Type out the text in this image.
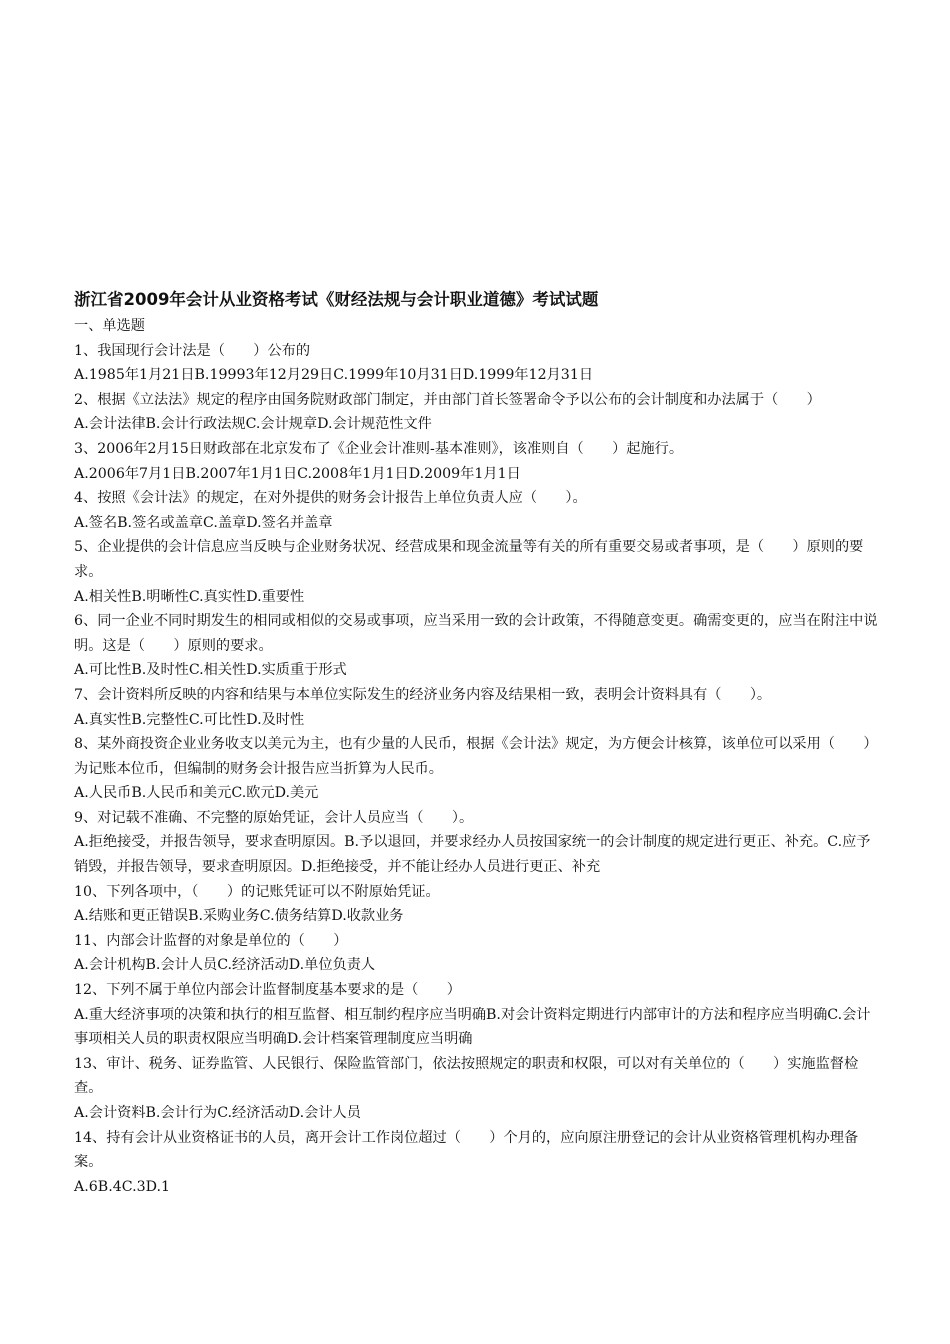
浙江省2009年会计从业资格考试《财经法规与会计职业道德》考试试题

一、单选题

1、我国现行会计法是（　　）公布的

A.1985年1月21日B.19993年12月29日C.1999年10月31日D.1999年12月31日

2、根据《立法法》规定的程序由国务院财政部门制定，并由部门首长签署命令予以公布的会计制度和办法属于（　　）

A.会计法律B.会计行政法规C.会计规章D.会计规范性文件

3、2006年2月15日财政部在北京发布了《企业会计准则-基本准则》，该准则自（　　）起施行。

A.2006年7月1日B.2007年1月1日C.2008年1月1日D.2009年1月1日

4、按照《会计法》的规定，在对外提供的财务会计报告上单位负责人应（　　）。

A.签名B.签名或盖章C.盖章D.签名并盖章

5、企业提供的会计信息应当反映与企业财务状况、经营成果和现金流量等有关的所有重要交易或者事项，是（　　）原则的要求。

A.相关性B.明晰性C.真实性D.重要性

6、同一企业不同时期发生的相同或相似的交易或事项，应当采用一致的会计政策，不得随意变更。确需变更的，应当在附注中说明。这是（　　）原则的要求。

A.可比性B.及时性C.相关性D.实质重于形式

7、会计资料所反映的内容和结果与本单位实际发生的经济业务内容及结果相一致，表明会计资料具有（　　）。

A.真实性B.完整性C.可比性D.及时性

8、某外商投资企业业务收支以美元为主，也有少量的人民币，根据《会计法》规定，为方便会计核算，该单位可以采用（　　）为记账本位币，但编制的财务会计报告应当折算为人民币。

A.人民币B.人民币和美元C.欧元D.美元

9、对记载不准确、不完整的原始凭证，会计人员应当（　　）。

A.拒绝接受，并报告领导，要求查明原因。B.予以退回，并要求经办人员按国家统一的会计制度的规定进行更正、补充。C.应予销毁，并报告领导，要求查明原因。D.拒绝接受，并不能让经办人员进行更正、补充

10、下列各项中，（　　）的记账凭证可以不附原始凭证。

A.结账和更正错误B.采购业务C.债务结算D.收款业务

11、内部会计监督的对象是单位的（　　）

A.会计机构B.会计人员C.经济活动D.单位负责人

12、下列不属于单位内部会计监督制度基本要求的是（　　）

A.重大经济事项的决策和执行的相互监督、相互制约程序应当明确B.对会计资料定期进行内部审计的方法和程序应当明确C.会计事项相关人员的职责权限应当明确D.会计档案管理制度应当明确

13、审计、税务、证券监管、人民银行、保险监管部门，依法按照规定的职责和权限，可以对有关单位的（　　）实施监督检查。

A.会计资料B.会计行为C.经济活动D.会计人员

14、持有会计从业资格证书的人员，离开会计工作岗位超过（　　）个月的，应向原注册登记的会计从业资格管理机构办理备案。

A.6B.4C.3D.1
